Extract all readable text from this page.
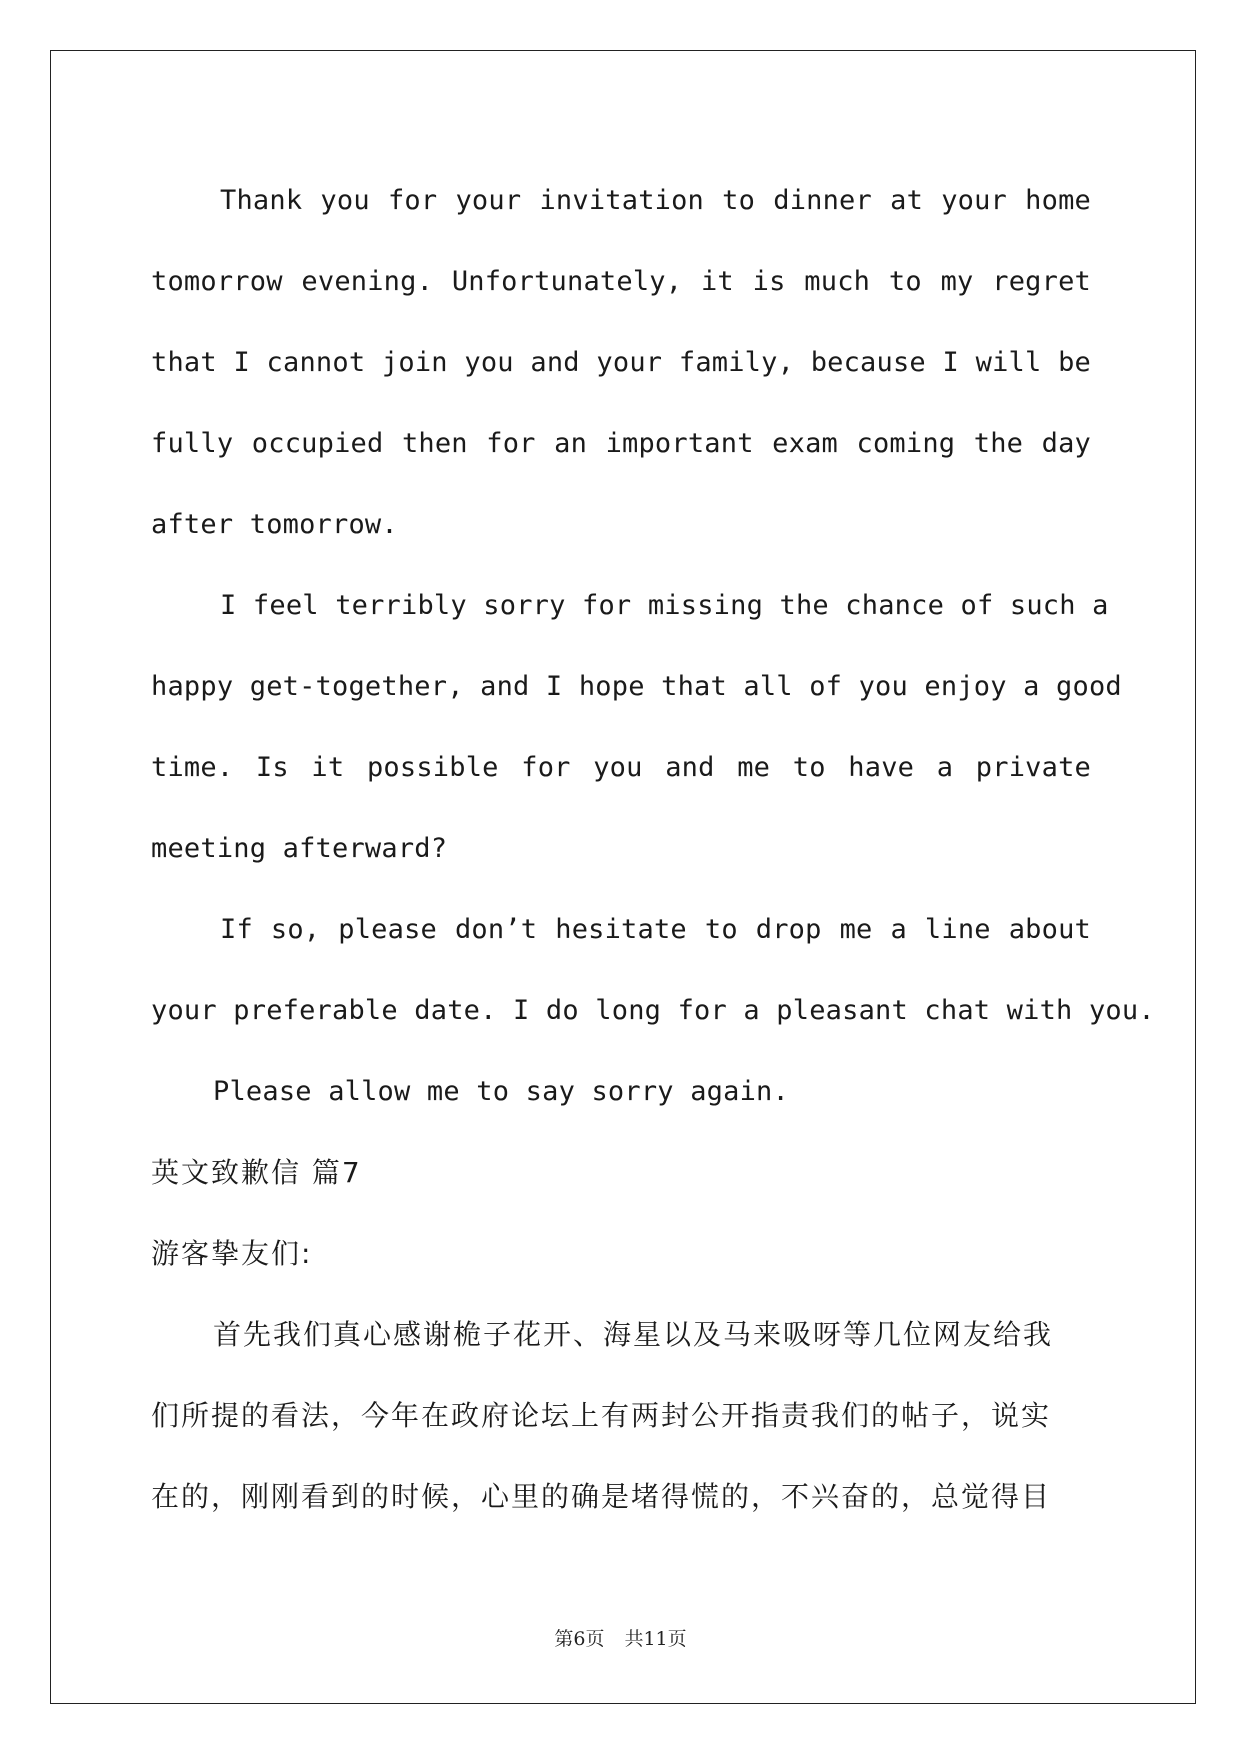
Thank you for your invitation to dinner at your home
tomorrow evening. Unfortunately, it is much to my regret
that I cannot join you and your family, because I will be
fully occupied then for an important exam coming the day
after tomorrow.
I feel terribly sorry for missing the chance of such a
happy get-together, and I hope that all of you enjoy a good
time. Is it possible for you and me to have a private
meeting afterward?
If so, please don’t hesitate to drop me a line about
your preferable date. I do long for a pleasant chat with you.
Please allow me to say sorry again.
英文致歉信 篇7
游客挚友们:
首先我们真心感谢桅子花开、海星以及马来吸呀等几位网友给我
们所提的看法，今年在政府论坛上有两封公开指责我们的帖子，说实
在的，刚刚看到的时候，心里的确是堵得慌的，不兴奋的，总觉得目
第6页 共11页
